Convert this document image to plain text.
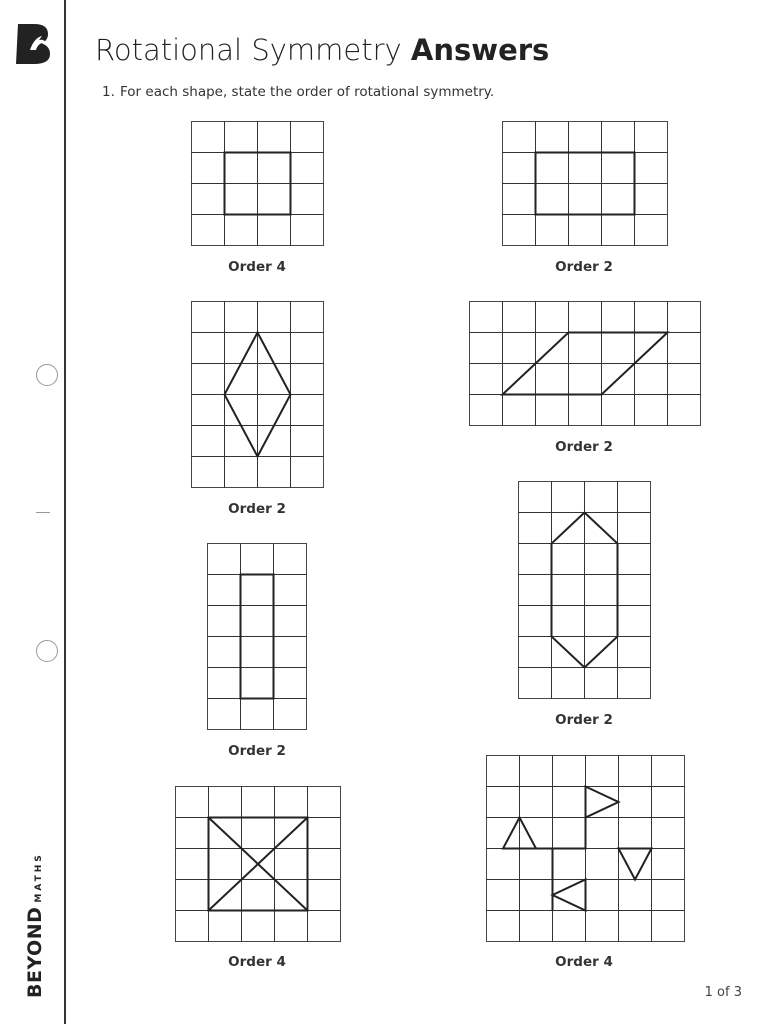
BEYONDMATHS
Rotational Symmetry Answers
1. For each shape, state the order of rotational symmetry.
Order 4	Order 2
Order 2
Order 2
Order 2
Order 2
Order 4	Order 4
1 of 3
